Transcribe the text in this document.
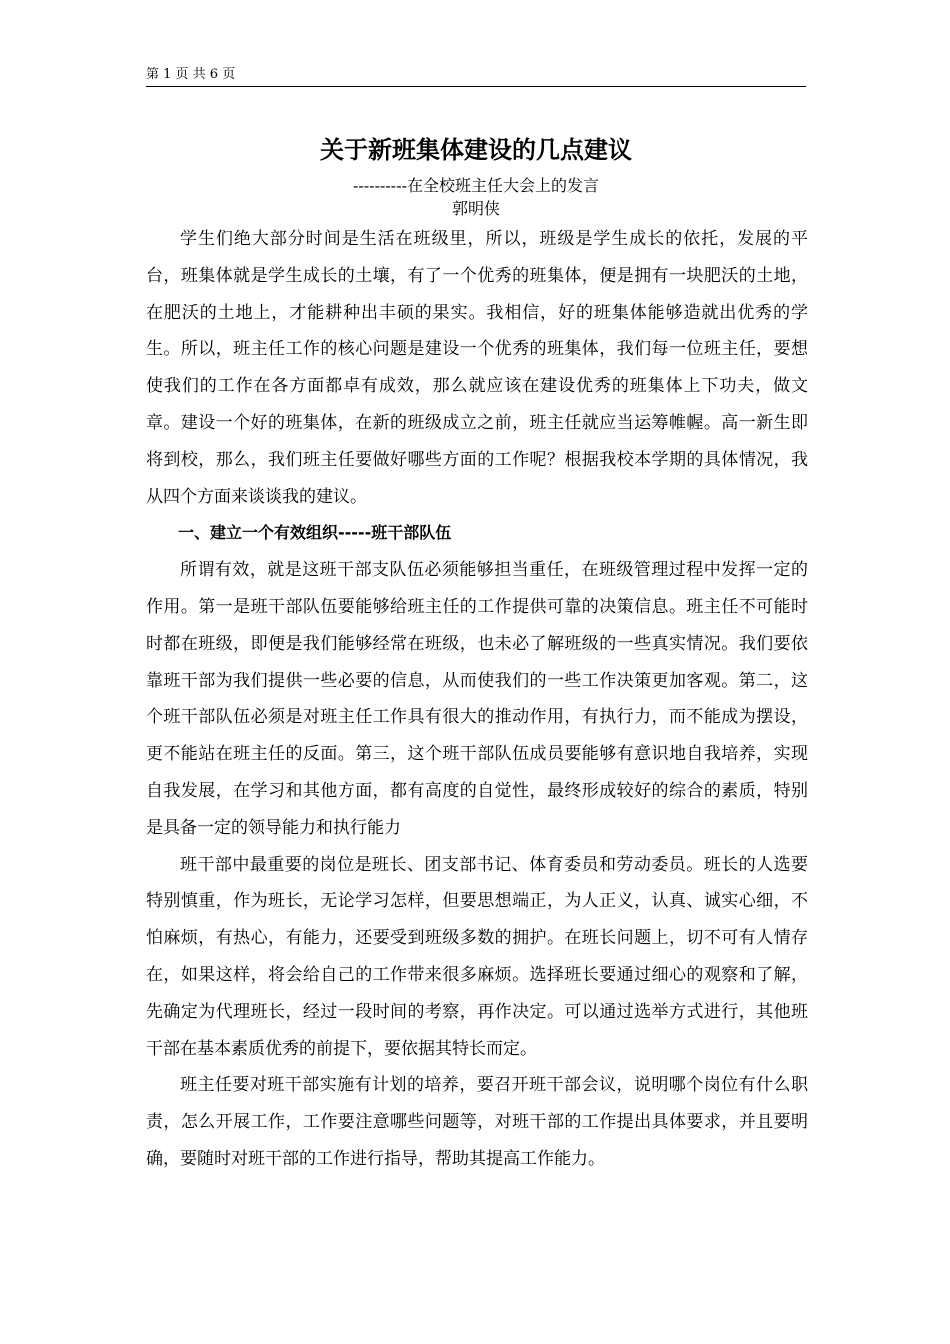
第 1 页 共 6 页
关于新班集体建设的几点建议
----------在全校班主任大会上的发言
郭明侠

学生们绝大部分时间是生活在班级里，所以，班级是学生成长的依托，发展的平台，班集体就是学生成长的土壤，有了一个优秀的班集体，便是拥有一块肥沃的土地，在肥沃的土地上，才能耕种出丰硕的果实。我相信，好的班集体能够造就出优秀的学生。所以，班主任工作的核心问题是建设一个优秀的班集体，我们每一位班主任，要想使我们的工作在各方面都卓有成效，那么就应该在建设优秀的班集体上下功夫，做文章。建设一个好的班集体，在新的班级成立之前，班主任就应当运筹帷幄。高一新生即将到校，那么，我们班主任要做好哪些方面的工作呢？根据我校本学期的具体情况，我从四个方面来谈谈我的建议。

一、建立一个有效组织-----班干部队伍

所谓有效，就是这班干部支队伍必须能够担当重任，在班级管理过程中发挥一定的作用。第一是班干部队伍要能够给班主任的工作提供可靠的决策信息。班主任不可能时时都在班级，即便是我们能够经常在班级，也未必了解班级的一些真实情况。我们要依靠班干部为我们提供一些必要的信息，从而使我们的一些工作决策更加客观。第二，这个班干部队伍必须是对班主任工作具有很大的推动作用，有执行力，而不能成为摆设，更不能站在班主任的反面。第三，这个班干部队伍成员要能够有意识地自我培养，实现自我发展，在学习和其他方面，都有高度的自觉性，最终形成较好的综合的素质，特别是具备一定的领导能力和执行能力

班干部中最重要的岗位是班长、团支部书记、体育委员和劳动委员。班长的人选要特别慎重，作为班长，无论学习怎样，但要思想端正，为人正义，认真、诚实心细，不怕麻烦，有热心，有能力，还要受到班级多数的拥护。在班长问题上，切不可有人情存在，如果这样，将会给自己的工作带来很多麻烦。选择班长要通过细心的观察和了解，先确定为代理班长，经过一段时间的考察，再作决定。可以通过选举方式进行，其他班干部在基本素质优秀的前提下，要依据其特长而定。

班主任要对班干部实施有计划的培养，要召开班干部会议，说明哪个岗位有什么职责，怎么开展工作，工作要注意哪些问题等，对班干部的工作提出具体要求，并且要明确，要随时对班干部的工作进行指导，帮助其提高工作能力。
